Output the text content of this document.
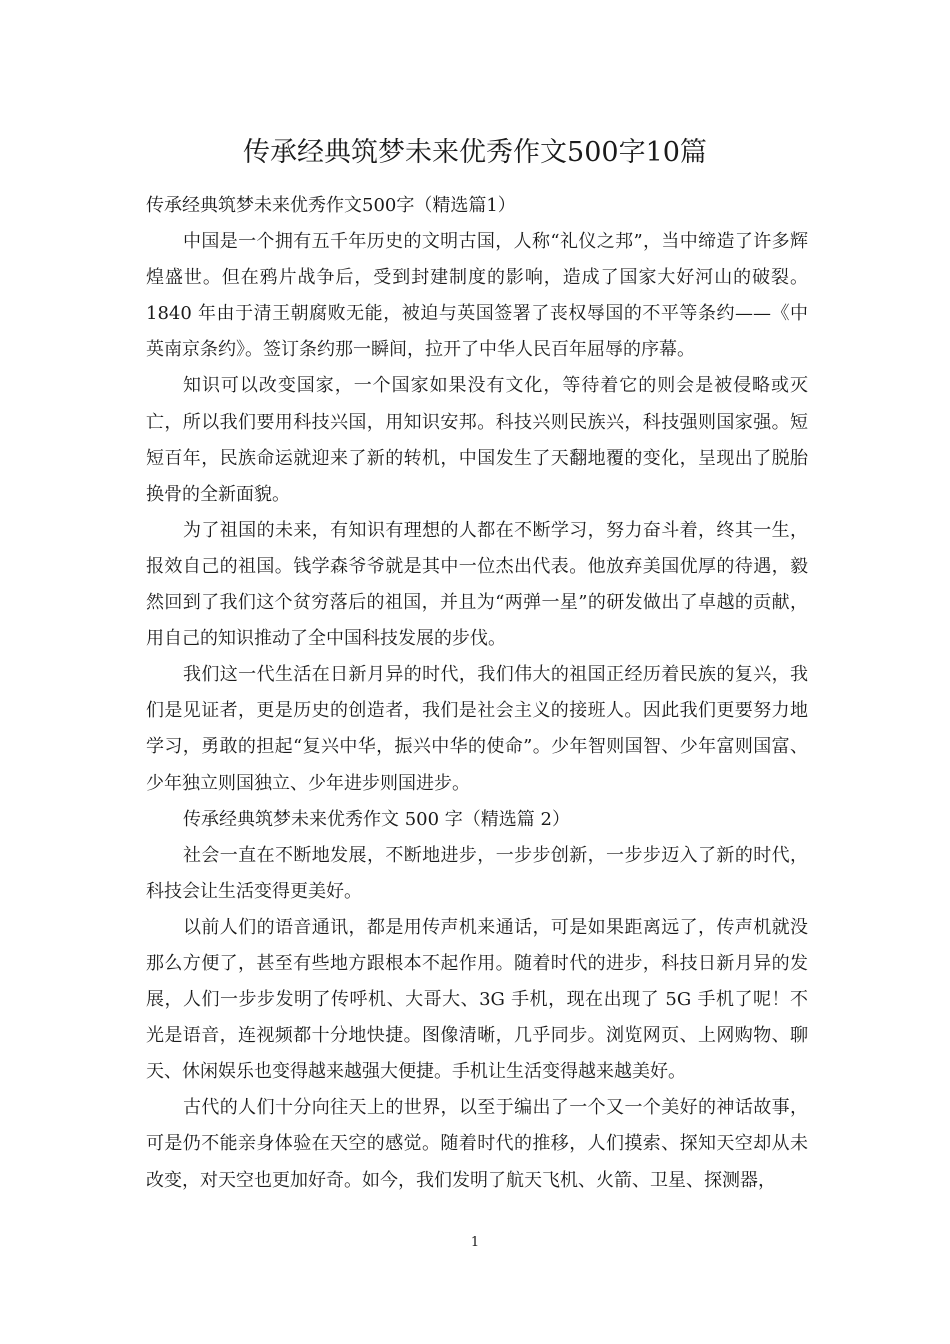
传承经典筑梦未来优秀作文500字10篇

传承经典筑梦未来优秀作文500字（精选篇1）

中国是一个拥有五千年历史的文明古国，人称“礼仪之邦”，当中缔造了许多辉煌盛世。但在鸦片战争后，受到封建制度的影响，造成了国家大好河山的破裂。1840 年由于清王朝腐败无能，被迫与英国签署了丧权辱国的不平等条约——《中英南京条约》。签订条约那一瞬间，拉开了中华人民百年屈辱的序幕。

知识可以改变国家，一个国家如果没有文化，等待着它的则会是被侵略或灭亡，所以我们要用科技兴国，用知识安邦。科技兴则民族兴，科技强则国家强。短短百年，民族命运就迎来了新的转机，中国发生了天翻地覆的变化，呈现出了脱胎换骨的全新面貌。

为了祖国的未来，有知识有理想的人都在不断学习，努力奋斗着，终其一生，报效自己的祖国。钱学森爷爷就是其中一位杰出代表。他放弃美国优厚的待遇，毅然回到了我们这个贫穷落后的祖国，并且为“两弹一星”的研发做出了卓越的贡献，用自己的知识推动了全中国科技发展的步伐。

我们这一代生活在日新月异的时代，我们伟大的祖国正经历着民族的复兴，我们是见证者，更是历史的创造者，我们是社会主义的接班人。因此我们更要努力地学习，勇敢的担起“复兴中华，振兴中华的使命”。少年智则国智、少年富则国富、少年独立则国独立、少年进步则国进步。

传承经典筑梦未来优秀作文 500 字（精选篇 2）

社会一直在不断地发展，不断地进步，一步步创新，一步步迈入了新的时代，科技会让生活变得更美好。

以前人们的语音通讯，都是用传声机来通话，可是如果距离远了，传声机就没那么方便了，甚至有些地方跟根本不起作用。随着时代的进步，科技日新月异的发展，人们一步步发明了传呼机、大哥大、3G 手机，现在出现了 5G 手机了呢！不光是语音，连视频都十分地快捷。图像清晰，几乎同步。浏览网页、上网购物、聊天、休闲娱乐也变得越来越强大便捷。手机让生活变得越来越美好。

古代的人们十分向往天上的世界，以至于编出了一个又一个美好的神话故事，可是仍不能亲身体验在天空的感觉。随着时代的推移，人们摸索、探知天空却从未改变，对天空也更加好奇。如今，我们发明了航天飞机、火箭、卫星、探测器，

1
